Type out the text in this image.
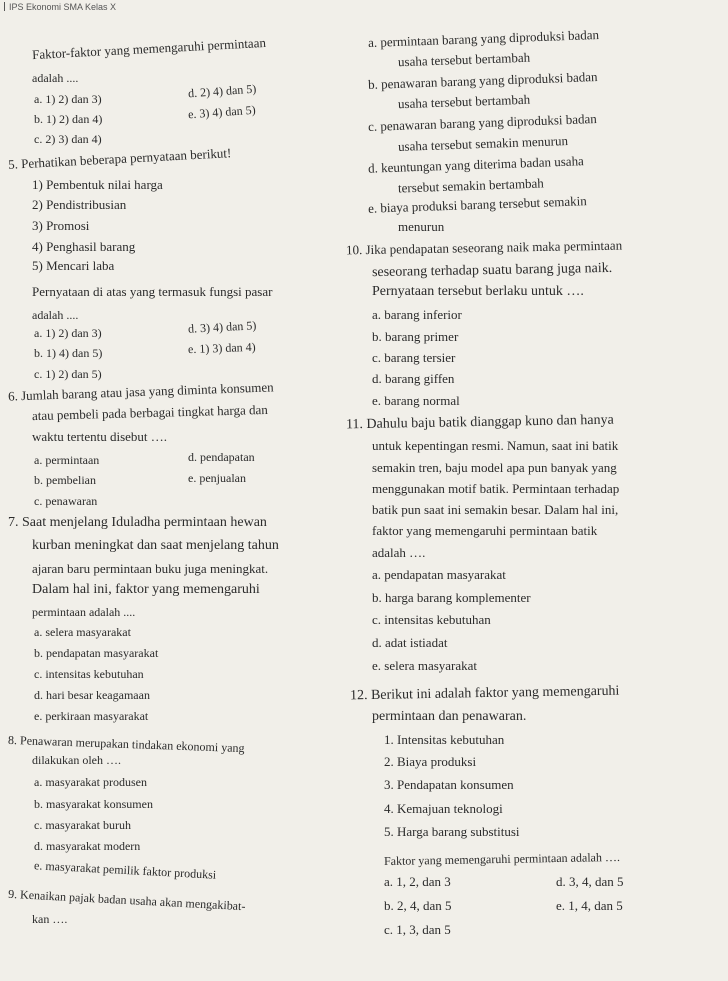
IPS Ekonomi SMA Kelas X
Faktor-faktor yang memengaruhi permintaan
adalah ....
a. 1) 2) dan 3)	d. 2) 4) dan 5)
b. 1) 2) dan 4)	e. 3) 4) dan 5)
c. 2) 3) dan 4)
5. Perhatikan beberapa pernyataan berikut!
1) Pembentuk nilai harga
2) Pendistribusian
3) Promosi
4) Penghasil barang
5) Mencari laba
Pernyataan di atas yang termasuk fungsi pasar
adalah ....
a. 1) 2) dan 3)	d. 3) 4) dan 5)
b. 1) 4) dan 5)	e. 1) 3) dan 4)
c. 1) 2) dan 5)
6. Jumlah barang atau jasa yang diminta konsumen
atau pembeli pada berbagai tingkat harga dan
waktu tertentu disebut ….
a. permintaan	d. pendapatan
b. pembelian	e. penjualan
c. penawaran
7. Saat menjelang Iduladha permintaan hewan
kurban meningkat dan saat menjelang tahun
ajaran baru permintaan buku juga meningkat.
Dalam hal ini, faktor yang memengaruhi
permintaan adalah ....
a. selera masyarakat
b. pendapatan masyarakat
c. intensitas kebutuhan
d. hari besar keagamaan
e. perkiraan masyarakat
8. Penawaran merupakan tindakan ekonomi yang
dilakukan oleh ….
a. masyarakat produsen
b. masyarakat konsumen
c. masyarakat buruh
d. masyarakat modern
e. masyarakat pemilik faktor produksi
9. Kenaikan pajak badan usaha akan mengakibat-
kan ….
a. permintaan barang yang diproduksi badan
usaha tersebut bertambah
b. penawaran barang yang diproduksi badan
usaha tersebut bertambah
c. penawaran barang yang diproduksi badan
usaha tersebut semakin menurun
d. keuntungan yang diterima badan usaha
tersebut semakin bertambah
e. biaya produksi barang tersebut semakin
menurun
10. Jika pendapatan seseorang naik maka permintaan
seseorang terhadap suatu barang juga naik.
Pernyataan tersebut berlaku untuk ….
a. barang inferior
b. barang primer
c. barang tersier
d. barang giffen
e. barang normal
11. Dahulu baju batik dianggap kuno dan hanya
untuk kepentingan resmi. Namun, saat ini batik
semakin tren, baju model apa pun banyak yang
menggunakan motif batik. Permintaan terhadap
batik pun saat ini semakin besar. Dalam hal ini,
faktor yang memengaruhi permintaan batik
adalah ….
a. pendapatan masyarakat
b. harga barang komplementer
c. intensitas kebutuhan
d. adat istiadat
e. selera masyarakat
12. Berikut ini adalah faktor yang memengaruhi
permintaan dan penawaran.
1. Intensitas kebutuhan
2. Biaya produksi
3. Pendapatan konsumen
4. Kemajuan teknologi
5. Harga barang substitusi
Faktor yang memengaruhi permintaan adalah ….
a. 1, 2, dan 3	d. 3, 4, dan 5
b. 2, 4, dan 5	e. 1, 4, dan 5
c. 1, 3, dan 5
